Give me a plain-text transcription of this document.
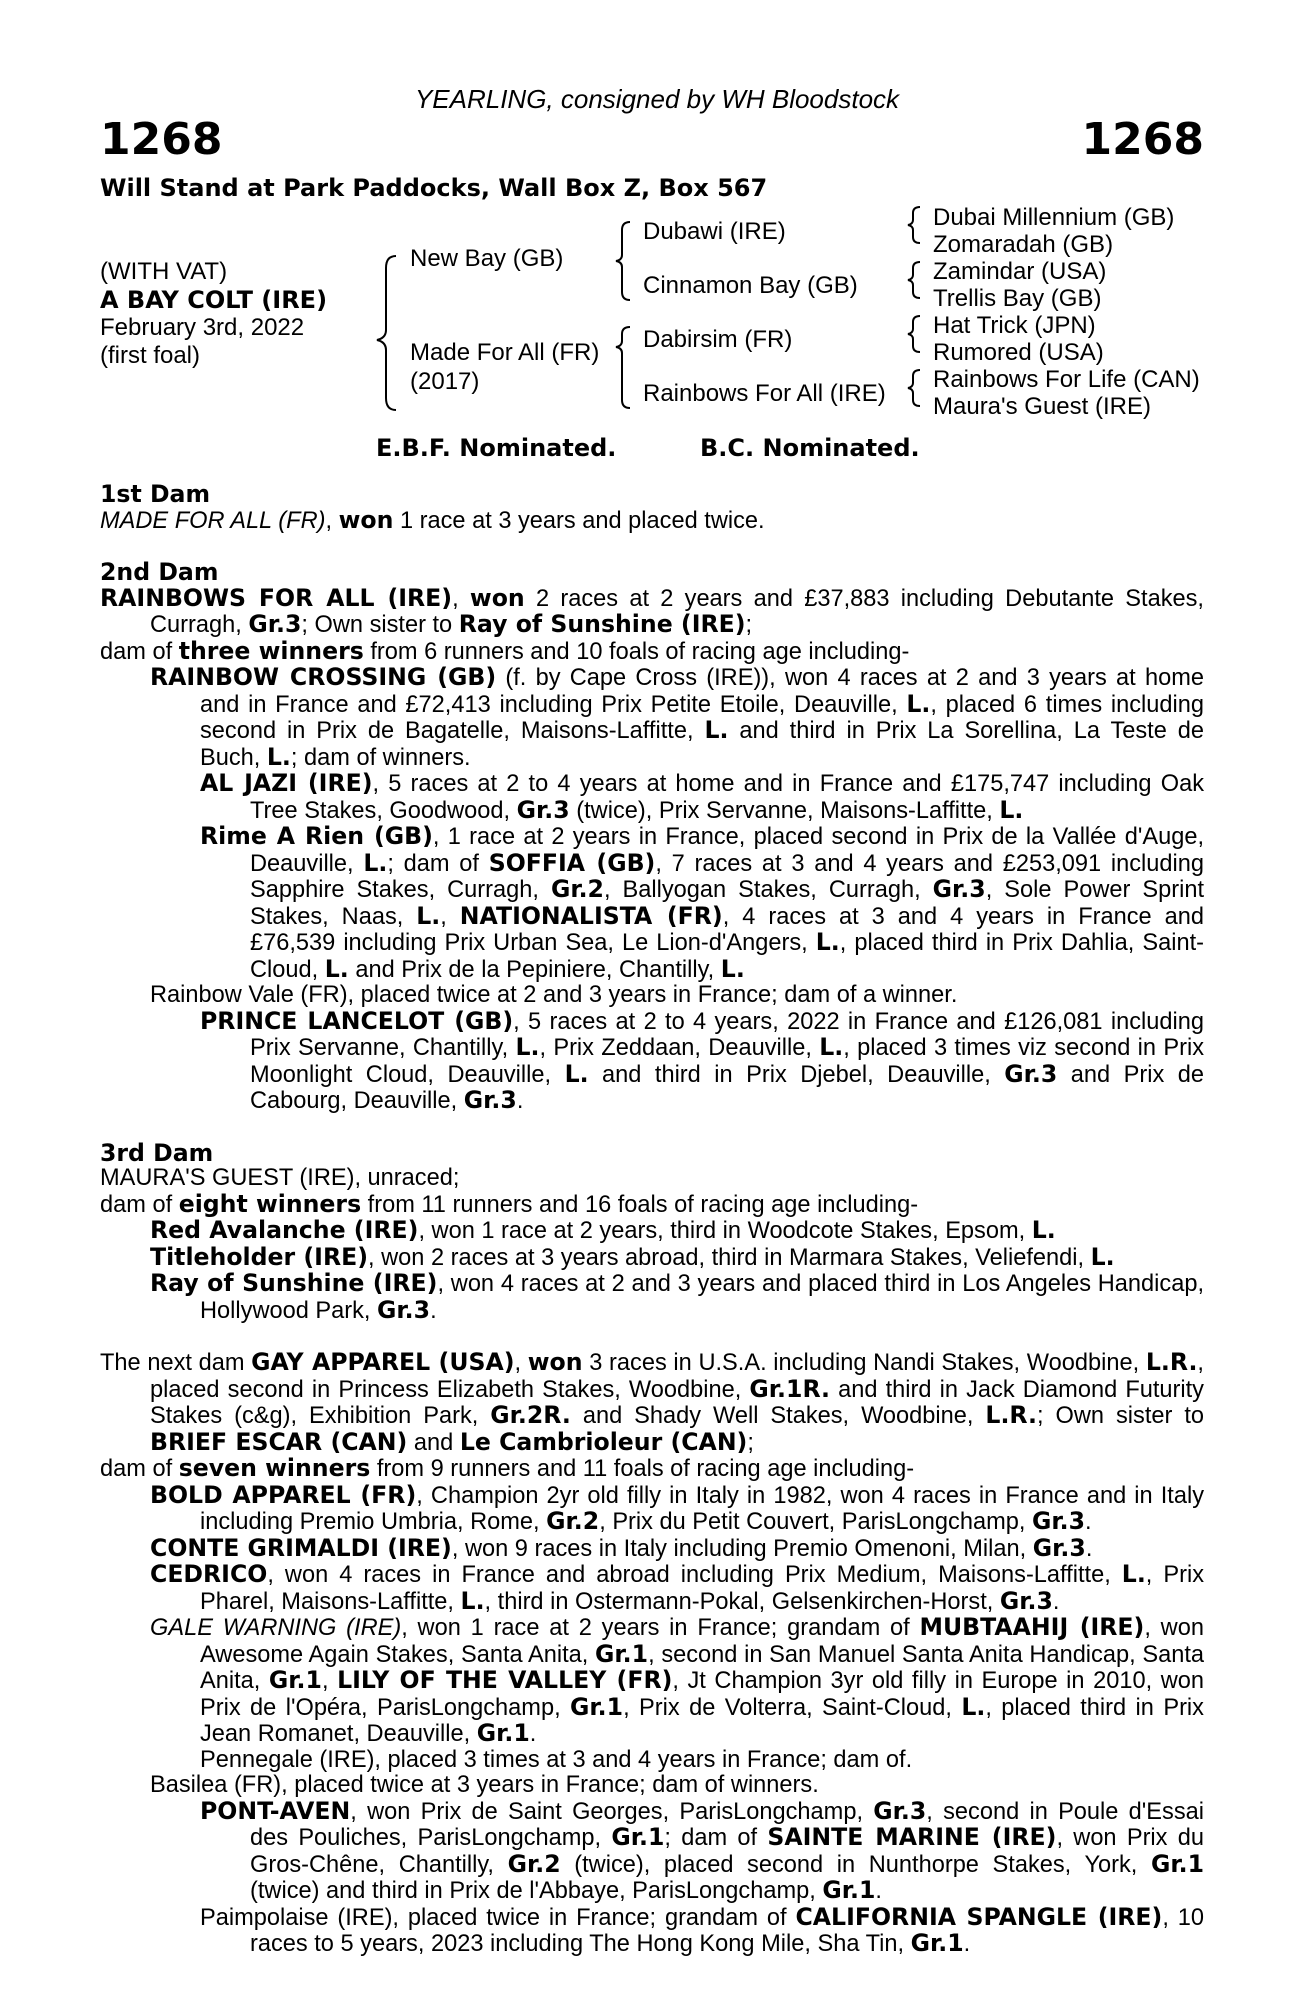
YEARLING, consigned by WH Bloodstock
1268	1268
Will Stand at Park Paddocks, Wall Box Z, Box 567
(WITH VAT)
A BAY COLT (IRE)
February 3rd, 2022
(first foal)
New Bay (GB)
Made For All (FR)
(2017)
Dubawi (IRE)
Cinnamon Bay (GB)
Dabirsim (FR)
Rainbows For All (IRE)
Dubai Millennium (GB)
Zomaradah (GB)
Zamindar (USA)
Trellis Bay (GB)
Hat Trick (JPN)
Rumored (USA)
Rainbows For Life (CAN)
Maura's Guest (IRE)
E.B.F. Nominated.	B.C. Nominated.

1st Dam

MADE FOR ALL (FR), won 1 race at 3 years and placed twice.

2nd Dam

RAINBOWS FOR ALL (IRE), won 2 races at 2 years and £37,883 including Debutante Stakes, Curragh, Gr.3; Own sister to Ray of Sunshine (IRE);

dam of three winners from 6 runners and 10 foals of racing age including-

RAINBOW CROSSING (GB) (f. by Cape Cross (IRE)), won 4 races at 2 and 3 years at home and in France and £72,413 including Prix Petite Etoile, Deauville, L., placed 6 times including second in Prix de Bagatelle, Maisons-Laffitte, L. and third in Prix La Sorellina, La Teste de Buch, L.; dam of winners.

AL JAZI (IRE), 5 races at 2 to 4 years at home and in France and £175,747 including Oak Tree Stakes, Goodwood, Gr.3 (twice), Prix Servanne, Maisons-Laffitte, L.

Rime A Rien (GB), 1 race at 2 years in France, placed second in Prix de la Vallée d'Auge, Deauville, L.; dam of SOFFIA (GB), 7 races at 3 and 4 years and £253,091 including Sapphire Stakes, Curragh, Gr.2, Ballyogan Stakes, Curragh, Gr.3, Sole Power Sprint Stakes, Naas, L., NATIONALISTA (FR), 4 races at 3 and 4 years in France and £76,539 including Prix Urban Sea, Le Lion-d'Angers, L., placed third in Prix Dahlia, Saint-Cloud, L. and Prix de la Pepiniere, Chantilly, L.

Rainbow Vale (FR), placed twice at 2 and 3 years in France; dam of a winner.

PRINCE LANCELOT (GB), 5 races at 2 to 4 years, 2022 in France and £126,081 including Prix Servanne, Chantilly, L., Prix Zeddaan, Deauville, L., placed 3 times viz second in Prix Moonlight Cloud, Deauville, L. and third in Prix Djebel, Deauville, Gr.3 and Prix de Cabourg, Deauville, Gr.3.

3rd Dam

MAURA'S GUEST (IRE), unraced;

dam of eight winners from 11 runners and 16 foals of racing age including-

Red Avalanche (IRE), won 1 race at 2 years, third in Woodcote Stakes, Epsom, L.

Titleholder (IRE), won 2 races at 3 years abroad, third in Marmara Stakes, Veliefendi, L.

Ray of Sunshine (IRE), won 4 races at 2 and 3 years and placed third in Los Angeles Handicap, Hollywood Park, Gr.3.

The next dam GAY APPAREL (USA), won 3 races in U.S.A. including Nandi Stakes, Woodbine, L.R., placed second in Princess Elizabeth Stakes, Woodbine, Gr.1R. and third in Jack Diamond Futurity Stakes (c&g), Exhibition Park, Gr.2R. and Shady Well Stakes, Woodbine, L.R.; Own sister to BRIEF ESCAR (CAN) and Le Cambrioleur (CAN);

dam of seven winners from 9 runners and 11 foals of racing age including-

BOLD APPAREL (FR), Champion 2yr old filly in Italy in 1982, won 4 races in France and in Italy including Premio Umbria, Rome, Gr.2, Prix du Petit Couvert, ParisLongchamp, Gr.3.

CONTE GRIMALDI (IRE), won 9 races in Italy including Premio Omenoni, Milan, Gr.3.

CEDRICO, won 4 races in France and abroad including Prix Medium, Maisons-Laffitte, L., Prix Pharel, Maisons-Laffitte, L., third in Ostermann-Pokal, Gelsenkirchen-Horst, Gr.3.

GALE WARNING (IRE), won 1 race at 2 years in France; grandam of MUBTAAHIJ (IRE), won Awesome Again Stakes, Santa Anita, Gr.1, second in San Manuel Santa Anita Handicap, Santa Anita, Gr.1, LILY OF THE VALLEY (FR), Jt Champion 3yr old filly in Europe in 2010, won Prix de l'Opéra, ParisLongchamp, Gr.1, Prix de Volterra, Saint-Cloud, L., placed third in Prix Jean Romanet, Deauville, Gr.1.

Pennegale (IRE), placed 3 times at 3 and 4 years in France; dam of.

Basilea (FR), placed twice at 3 years in France; dam of winners.

PONT-AVEN, won Prix de Saint Georges, ParisLongchamp, Gr.3, second in Poule d'Essai des Pouliches, ParisLongchamp, Gr.1; dam of SAINTE MARINE (IRE), won Prix du Gros-Chêne, Chantilly, Gr.2 (twice), placed second in Nunthorpe Stakes, York, Gr.1 (twice) and third in Prix de l'Abbaye, ParisLongchamp, Gr.1.

Paimpolaise (IRE), placed twice in France; grandam of CALIFORNIA SPANGLE (IRE), 10 races to 5 years, 2023 including The Hong Kong Mile, Sha Tin, Gr.1.
